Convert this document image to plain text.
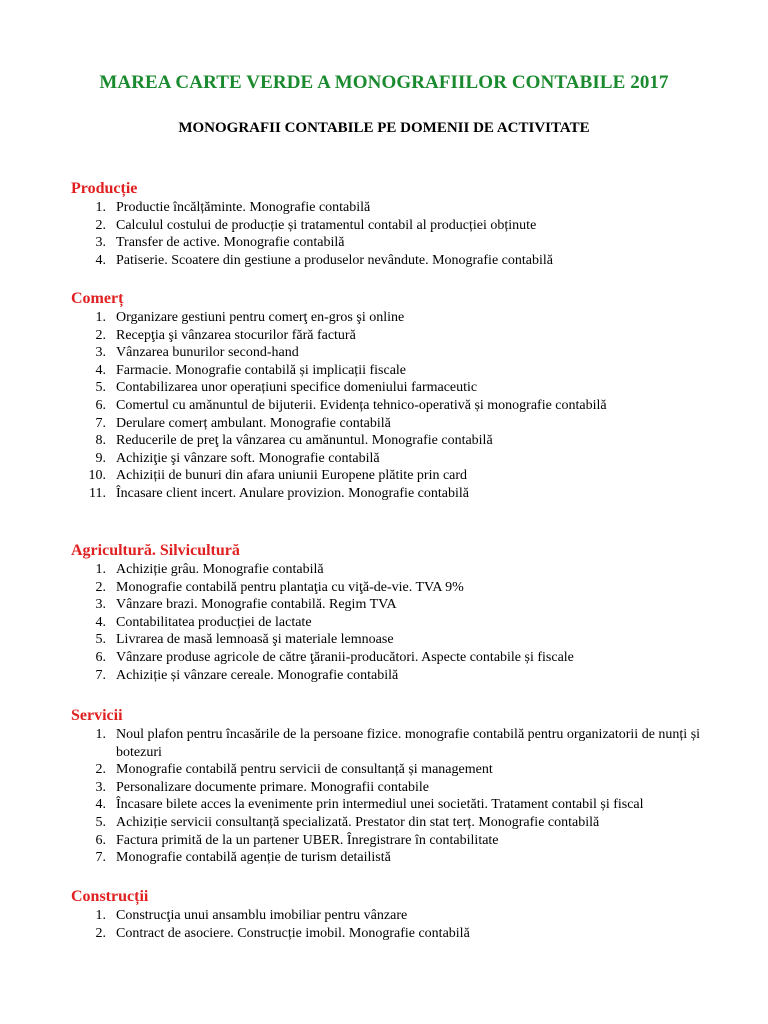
MAREA CARTE VERDE A MONOGRAFIILOR CONTABILE 2017
MONOGRAFII CONTABILE PE DOMENII DE ACTIVITATE
Producție
1. Productie încălțăminte. Monografie contabilă
2. Calculul costului de producție și tratamentul contabil al producției obținute
3. Transfer de active. Monografie contabilă
4. Patiserie. Scoatere din gestiune a produselor nevândute. Monografie contabilă
Comerț
1. Organizare gestiuni pentru comerţ en-gros şi online
2. Recepţia şi vânzarea stocurilor fără factură
3. Vânzarea bunurilor second-hand
4. Farmacie. Monografie contabilă și implicații fiscale
5. Contabilizarea unor operațiuni specifice domeniului farmaceutic
6. Comertul cu amănuntul de bijuterii. Evidența tehnico-operativă și monografie contabilă
7. Derulare comerț ambulant. Monografie contabilă
8. Reducerile de preţ la vânzarea cu amănuntul. Monografie contabilă
9. Achiziţie şi vânzare soft. Monografie contabilă
10. Achiziții de bunuri din afara uniunii Europene plătite prin card
11. Încasare client incert. Anulare provizion. Monografie contabilă
Agricultură. Silvicultură
1. Achiziție grâu. Monografie contabilă
2. Monografie contabilă pentru plantaţia cu viţă-de-vie. TVA 9%
3. Vânzare brazi. Monografie contabilă. Regim TVA
4. Contabilitatea producției de lactate
5. Livrarea de masă lemnoasă şi materiale lemnoase
6. Vânzare produse agricole de către ţăranii-producători. Aspecte contabile și fiscale
7. Achiziție și vânzare cereale. Monografie contabilă
Servicii
1. Noul plafon pentru încasările de la persoane fizice. monografie contabilă pentru organizatorii de nunți și botezuri
2. Monografie contabilă pentru servicii de consultanță și management
3. Personalizare documente primare. Monografii contabile
4. Încasare bilete acces la evenimente prin intermediul unei societăti. Tratament contabil și fiscal
5. Achiziție servicii consultanță specializată. Prestator din stat terț. Monografie contabilă
6. Factura primită de la un partener UBER. Înregistrare în contabilitate
7. Monografie contabilă agenție de turism detailistă
Construcții
1. Construcţia unui ansamblu imobiliar pentru vânzare
2. Contract de asociere. Construcție imobil. Monografie contabilă
